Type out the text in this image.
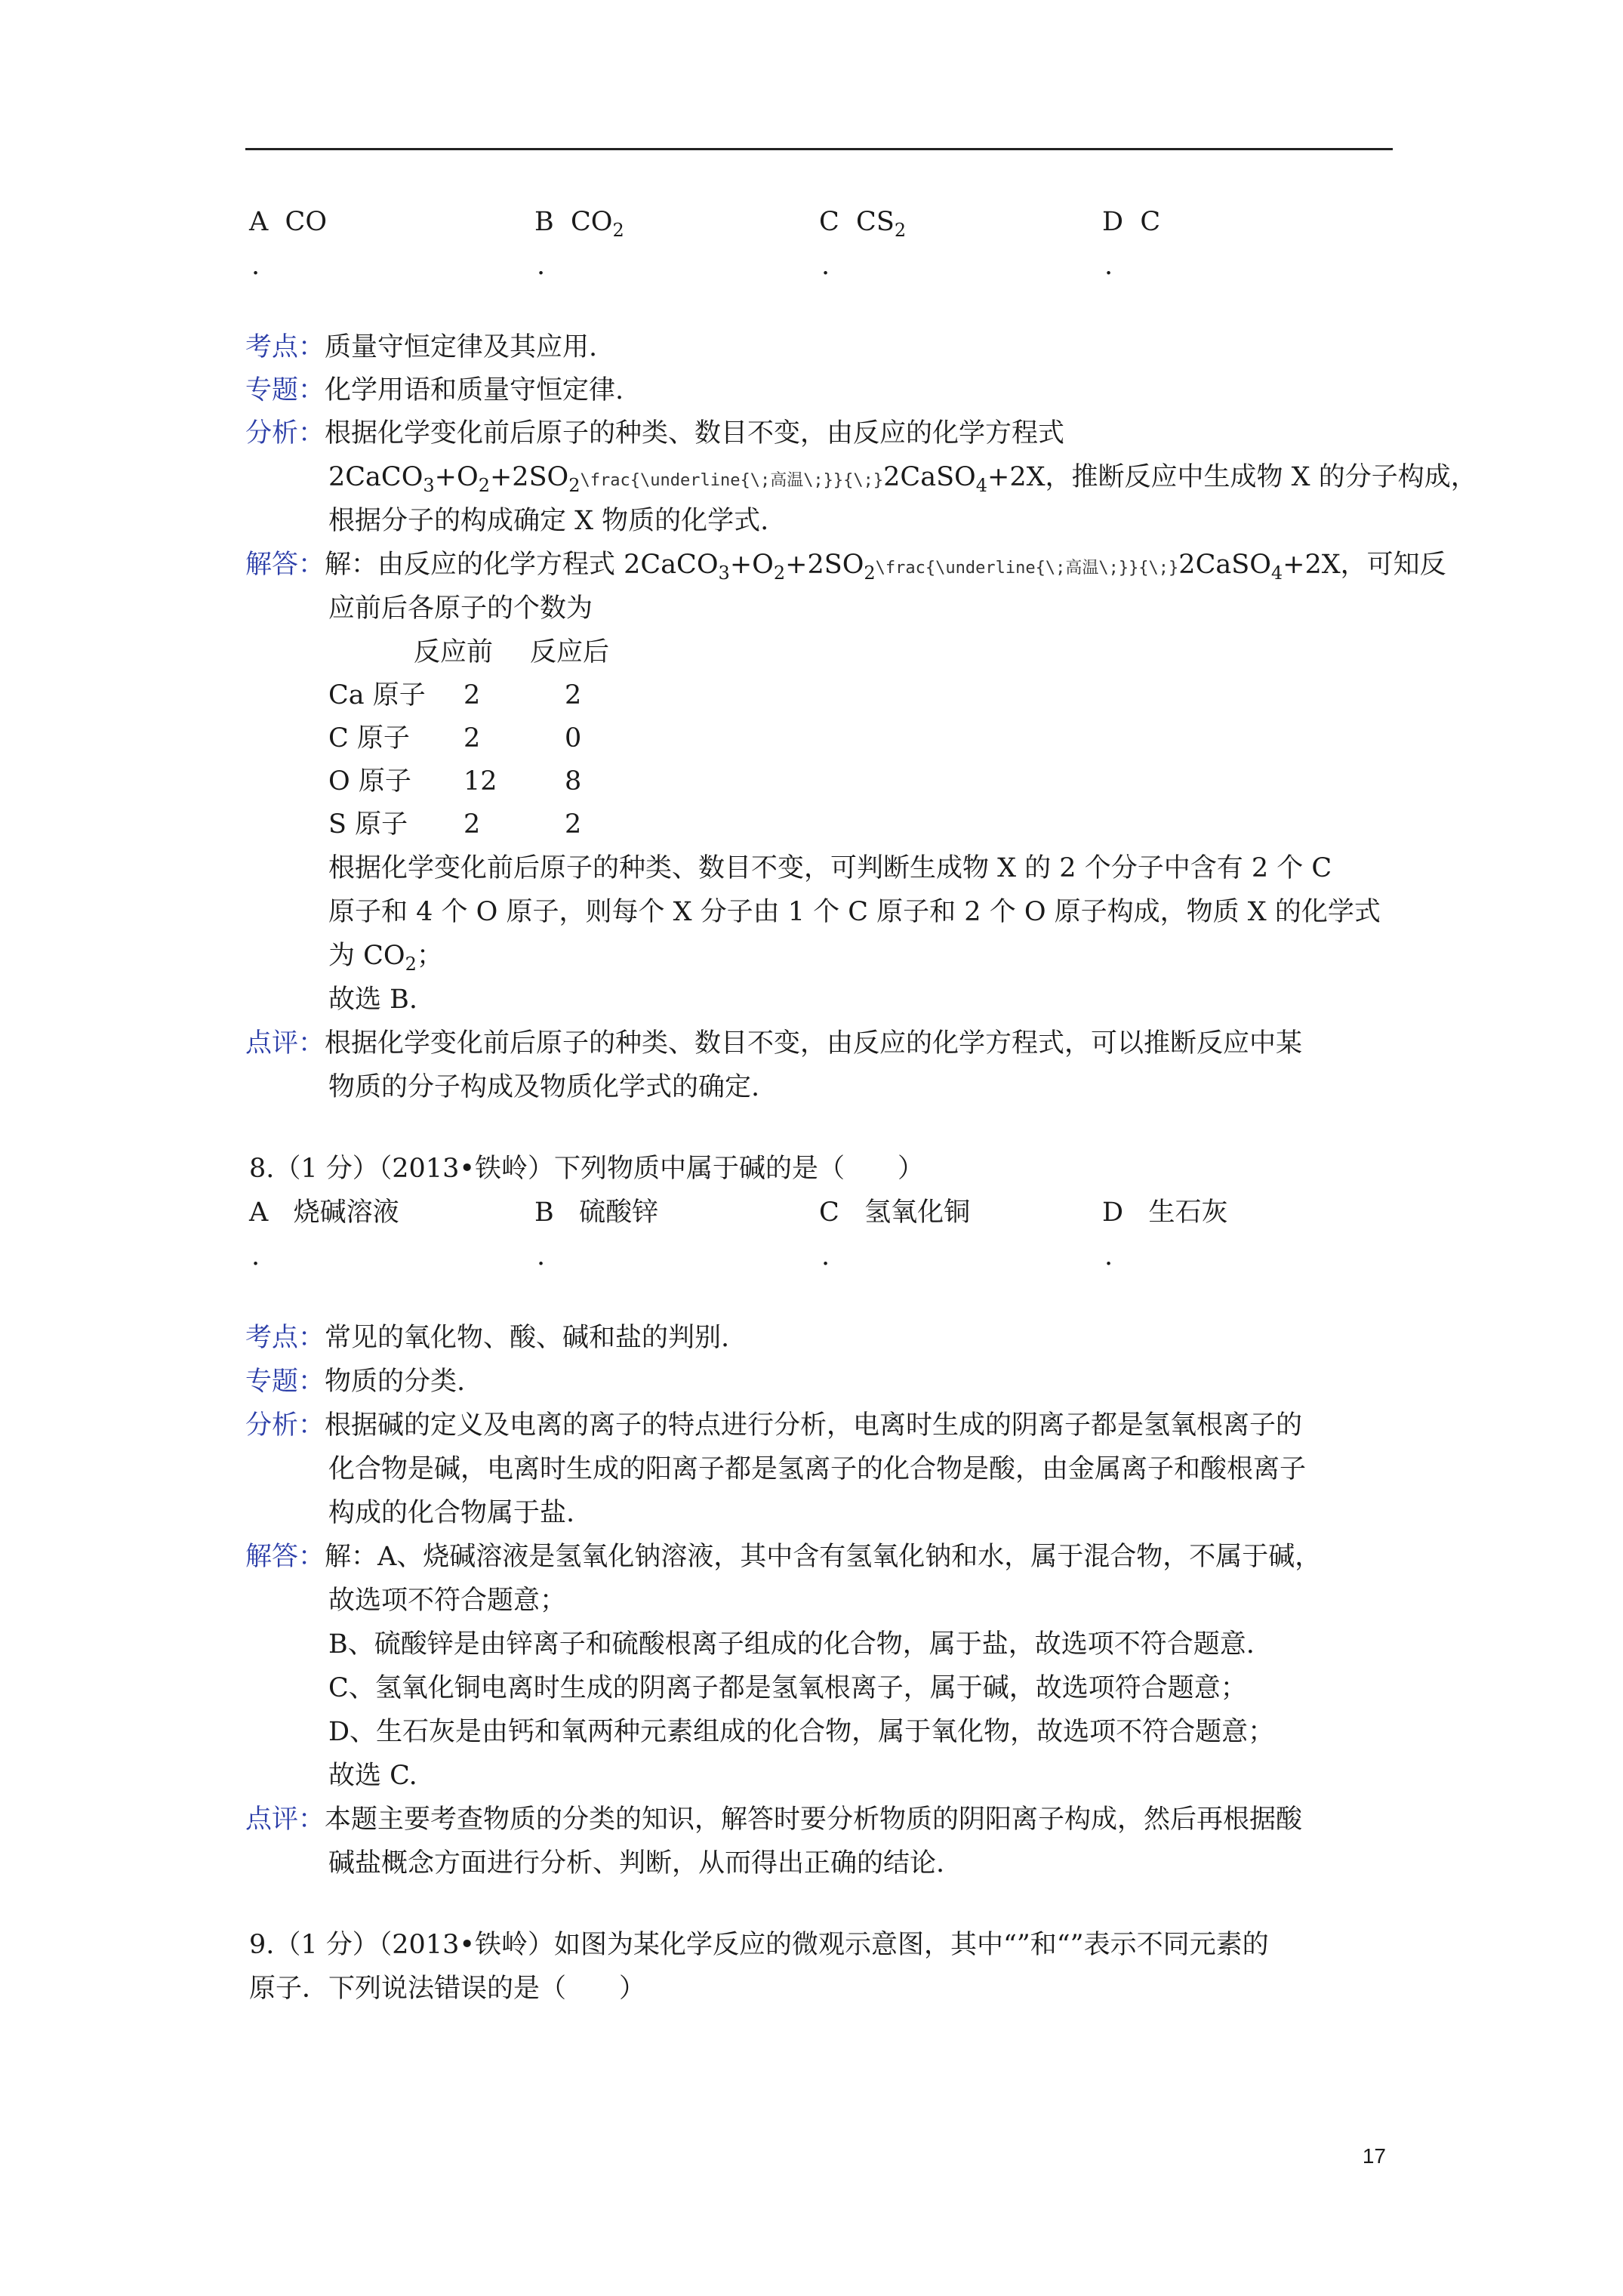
A CO	B $CO_2$	C $CS_2$	D C
.	.	.	.
考点：质量守恒定律及其应用.
专题：化学用语和质量守恒定律.
分析：根据化学变化前后原子的种类、数目不变，由反应的化学方程式
$2CaCO_3+O_2+2SO_2\backslash frac\{\backslash underline\{\backslash$;高温\;}}{\;}2CaSO$_4$+2X，推断反应中生成物 X 的分子构成，
根据分子的构成确定 X 物质的化学式.
解答：解：由反应的化学方程式 $2CaCO_3+O_2+2SO_2\backslash frac\{\backslash underline\{\backslash$;高温\;}}{\;}2CaSO$_4$+2X，可知反
应前后各原子的个数为
反应前 反应后
Ca 原子 2	2
C 原子 2	0
O 原子 12	8
S 原子 2	2
根据化学变化前后原子的种类、数目不变，可判断生成物 X 的 2 个分子中含有 2 个 C
原子和 4 个 O 原子，则每个 X 分子由 1 个 C 原子和 2 个 O 原子构成，物质 X 的化学式
为 $CO_2$；
故选 B.
点评：根据化学变化前后原子的种类、数目不变，由反应的化学方程式，可以推断反应中某
物质的分子构成及物质化学式的确定.
8.（1 分）（2013•铁岭）下列物质中属于碱的是（　　）
A 烧碱溶液	B 硫酸锌	C 氢氧化铜	D 生石灰
.	.	.	.
考点：常见的氧化物、酸、碱和盐的判别.
专题：物质的分类.
分析：根据碱的定义及电离的离子的特点进行分析，电离时生成的阴离子都是氢氧根离子的
化合物是碱，电离时生成的阳离子都是氢离子的化合物是酸，由金属离子和酸根离子
构成的化合物属于盐.
解答：解：A、烧碱溶液是氢氧化钠溶液，其中含有氢氧化钠和水，属于混合物，不属于碱，
故选项不符合题意；
B、硫酸锌是由锌离子和硫酸根离子组成的化合物，属于盐，故选项不符合题意.
C、氢氧化铜电离时生成的阴离子都是氢氧根离子，属于碱，故选项符合题意；
D、生石灰是由钙和氧两种元素组成的化合物，属于氧化物，故选项不符合题意；
故选 C.
点评：本题主要考查物质的分类的知识，解答时要分析物质的阴阳离子构成，然后再根据酸
碱盐概念方面进行分析、判断，从而得出正确的结论.
9.（1 分）（2013•铁岭）如图为某化学反应的微观示意图，其中“”和“”表示不同元素的
原子．下列说法错误的是（　　）
17
